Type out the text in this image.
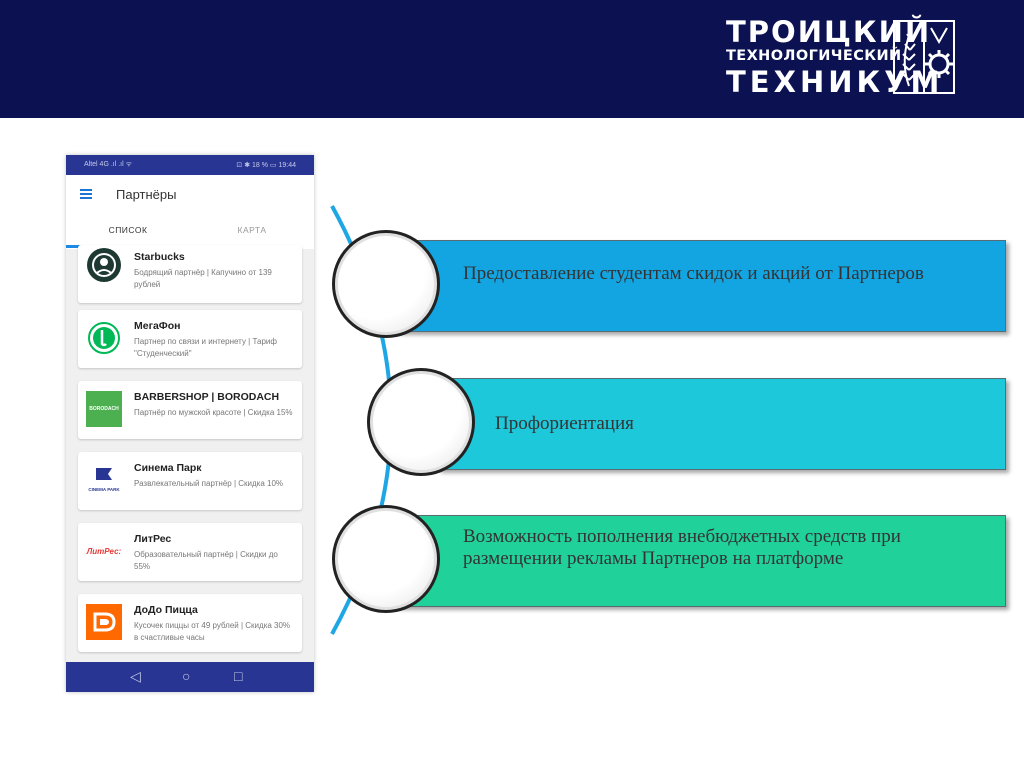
ТРОИЦКИЙ
ТЕХНОЛОГИЧЕСКИЙ
ТЕХНИКУМ
Altel 4G .ıl .ıl ᯤ	⊡ ✱ 18 % ▭ 19:44
Партнёры
СПИСОК	КАРТА
Starbucks
Бодрящий партнёр | Капучино от 139 рублей
МегаФон
Партнер по связи и интернету | Тариф "Студенческий"
BORODACH
BARBERSHOP | BORODACH
Партнёр по мужской красоте | Скидка 15%
CINEMA PARK
Синема Парк
Развлекательный партнёр | Скидка 10%
ЛитРес:
ЛитРес
Образовательный партнёр | Скидки до 55%
ДоДо Пицца
Кусочек пиццы от 49 рублей | Скидка 30% в счастливые часы
◁	○	□
Предоставление студентам скидок и акций от Партнеров
Профориентация
Возможность пополнения внебюджетных средств при размещении рекламы Партнеров на платформе
